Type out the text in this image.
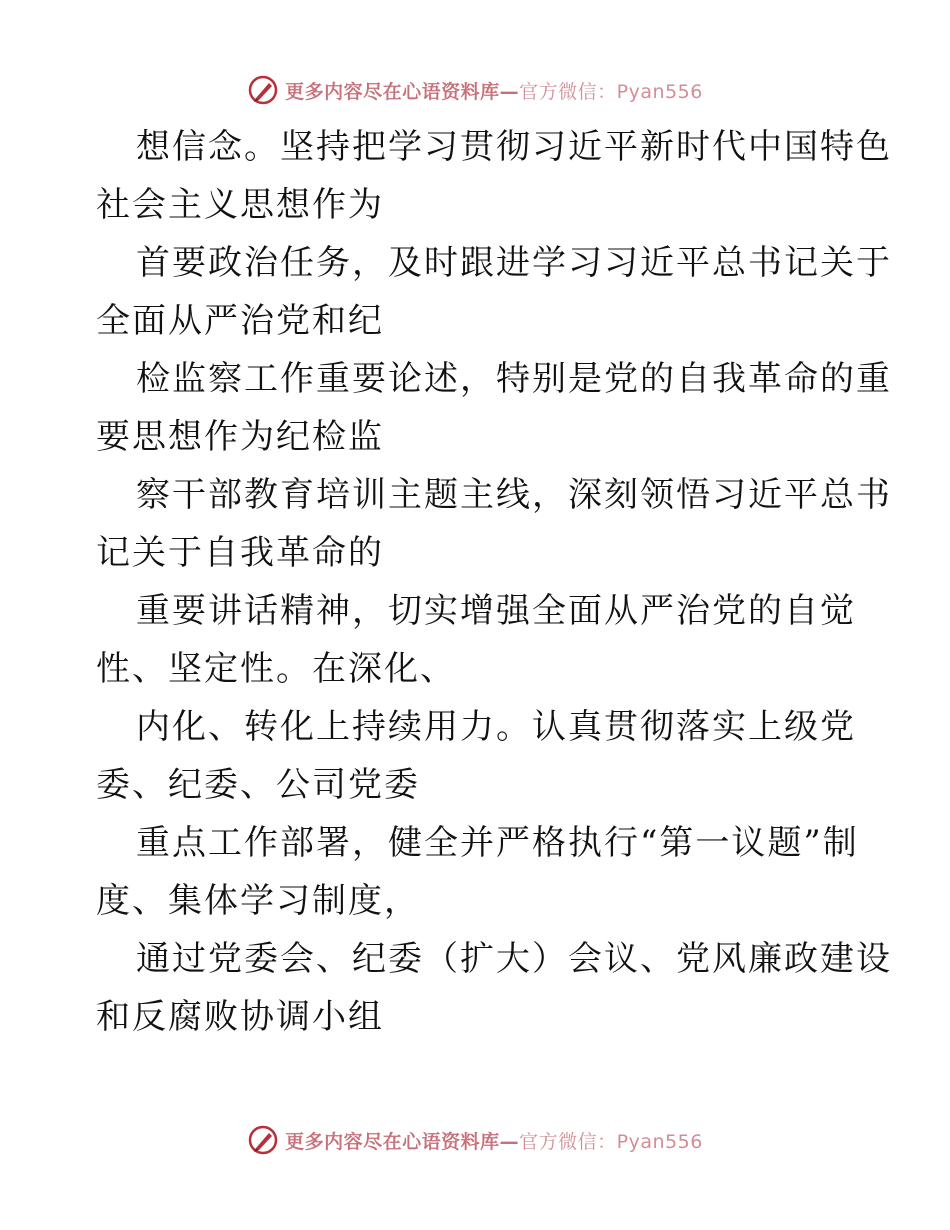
更多内容尽在心语资料库—官方微信：Pyan556

想信念。坚持把学习贯彻习近平新时代中国特色
社会主义思想作为

首要政治任务，及时跟进学习习近平总书记关于
全面从严治党和纪

检监察工作重要论述，特别是党的自我革命的重
要思想作为纪检监

察干部教育培训主题主线，深刻领悟习近平总书
记关于自我革命的

重要讲话精神，切实增强全面从严治党的自觉
性、坚定性。在深化、

内化、转化上持续用力。认真贯彻落实上级党
委、纪委、公司党委

重点工作部署，健全并严格执行“第一议题”制
度、集体学习制度，

通过党委会、纪委（扩大）会议、党风廉政建设
和反腐败协调小组

更多内容尽在心语资料库—官方微信：Pyan556
